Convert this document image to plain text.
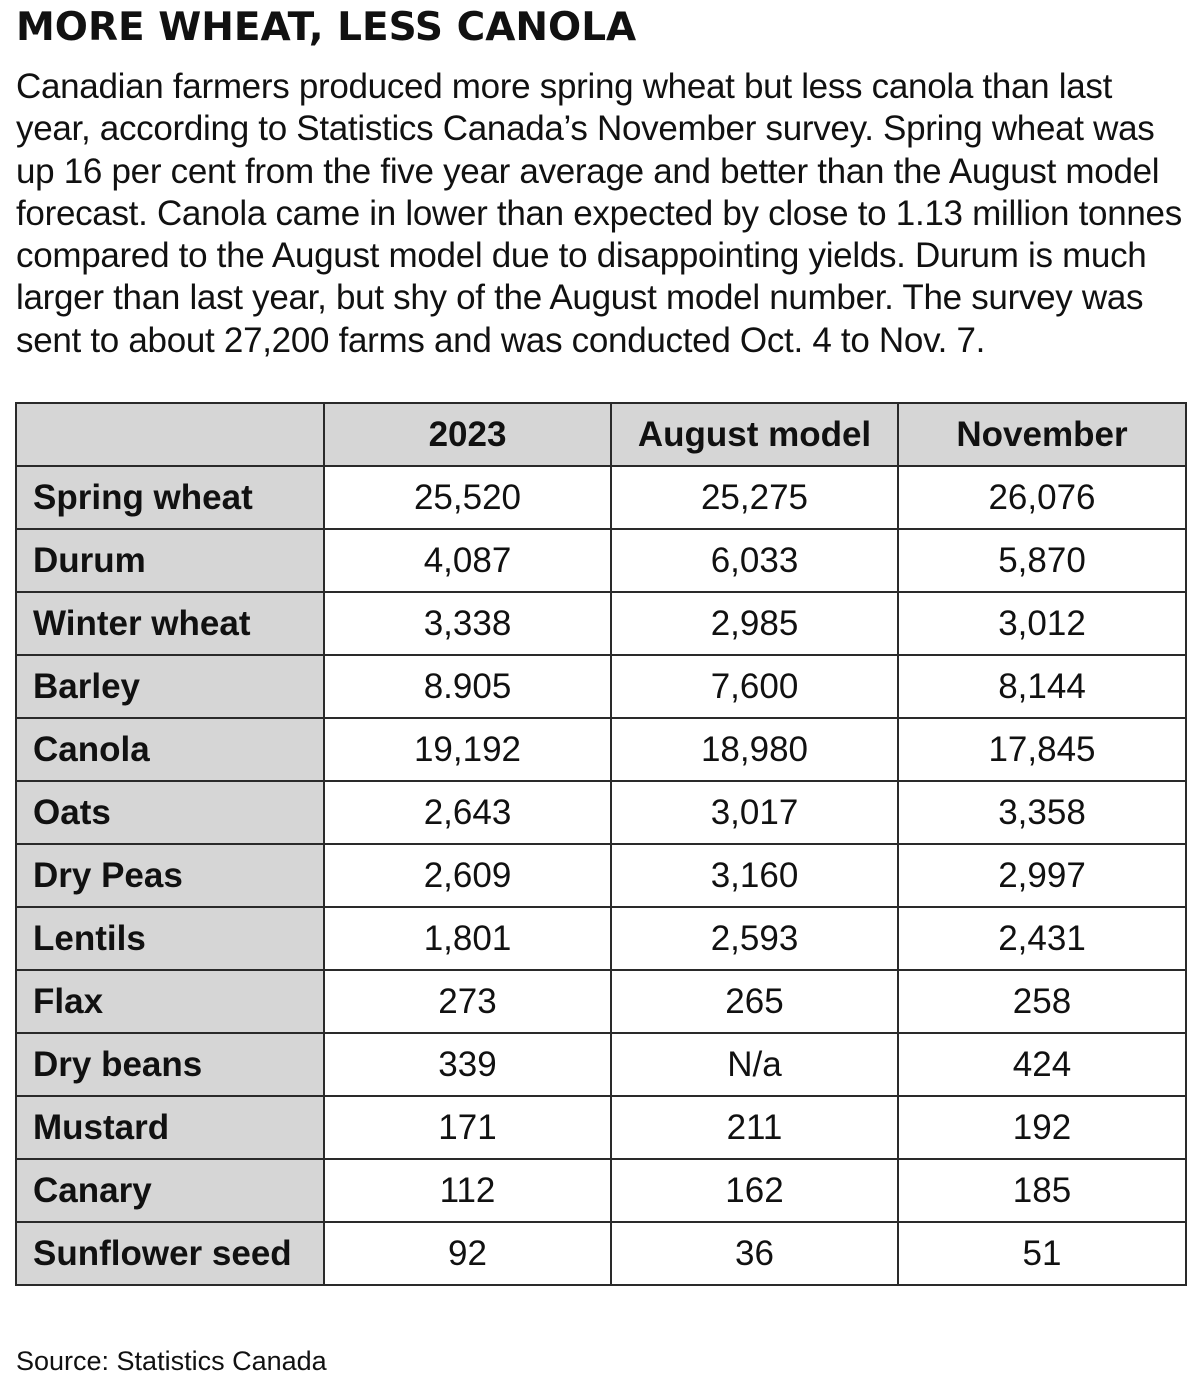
MORE WHEAT, LESS CANOLA

Canadian farmers produced more spring wheat but less canola than last year, according to Statistics Canada’s November survey. Spring wheat was up 16 per cent from the five year average and better than the August model forecast. Canola came in lower than expected by close to 1.13 million tonnes compared to the August model due to disappointing yields. Durum is much larger than last year, but shy of the August model number. The survey was sent to about 27,200 farms and was conducted Oct. 4 to Nov. 7.

	2023	August model	November
Spring wheat	25,520	25,275	26,076
Durum	4,087	6,033	5,870
Winter wheat	3,338	2,985	3,012
Barley	8.905	7,600	8,144
Canola	19,192	18,980	17,845
Oats	2,643	3,017	3,358
Dry Peas	2,609	3,160	2,997
Lentils	1,801	2,593	2,431
Flax	273	265	258
Dry beans	339	N/a	424
Mustard	171	211	192
Canary	112	162	185
Sunflower seed	92	36	51

Source: Statistics Canada
